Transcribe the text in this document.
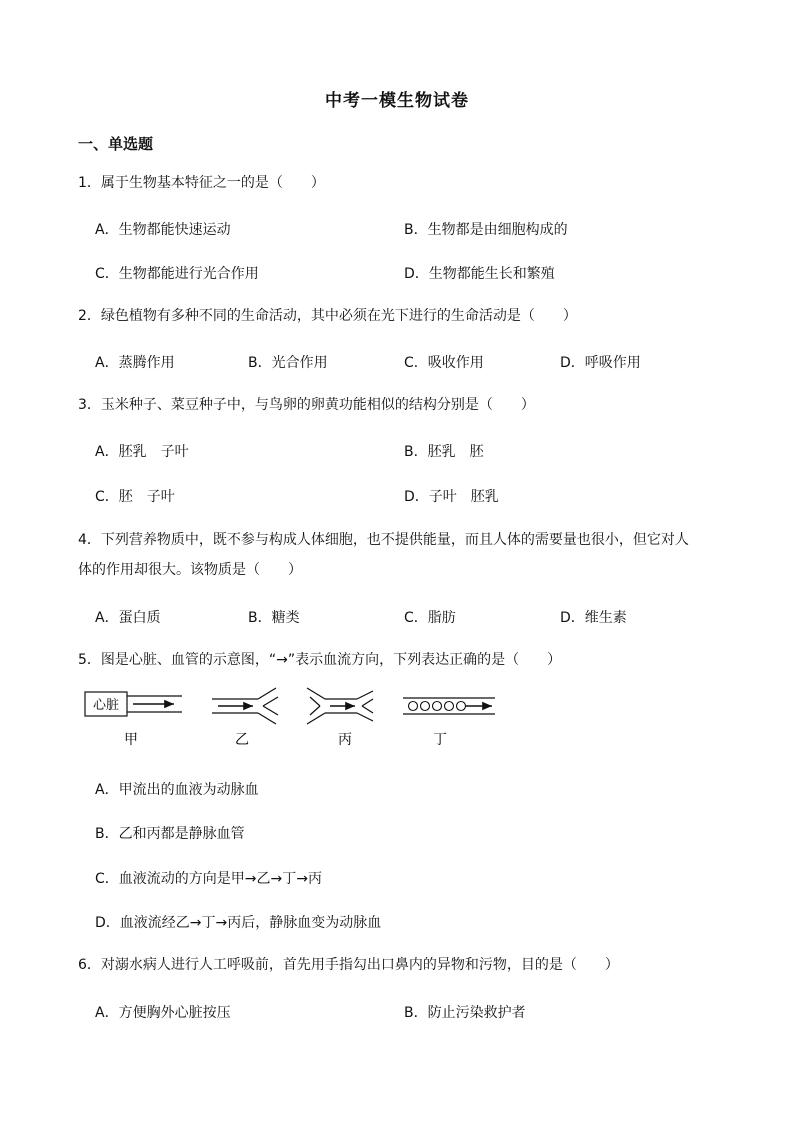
中考一模生物试卷
一、单选题
1．属于生物基本特征之一的是（　　）
A．生物都能快速运动	B．生物都是由细胞构成的
C．生物都能进行光合作用	D．生物都能生长和繁殖
2．绿色植物有多种不同的生命活动，其中必须在光下进行的生命活动是（　　）
A．蒸腾作用	B．光合作用	C．吸收作用	D．呼吸作用
3．玉米种子、菜豆种子中，与鸟卵的卵黄功能相似的结构分别是（　　）
A．胚乳　子叶	B．胚乳　胚
C．胚　子叶	D．子叶　胚乳
4．下列营养物质中，既不参与构成人体细胞，也不提供能量，而且人体的需要量也很小，但它对人
体的作用却很大。该物质是（　　）
A．蛋白质	B．糖类	C．脂肪	D．维生素
5．图是心脏、血管的示意图，“→”表示血流方向，下列表达正确的是（　　）
心脏
甲	乙	丙	丁
A．甲流出的血液为动脉血
B．乙和丙都是静脉血管
C．血液流动的方向是甲→乙→丁→丙
D．血液流经乙→丁→丙后，静脉血变为动脉血
6．对溺水病人进行人工呼吸前，首先用手指勾出口鼻内的异物和污物，目的是（　　）
A．方便胸外心脏按压	B．防止污染救护者
